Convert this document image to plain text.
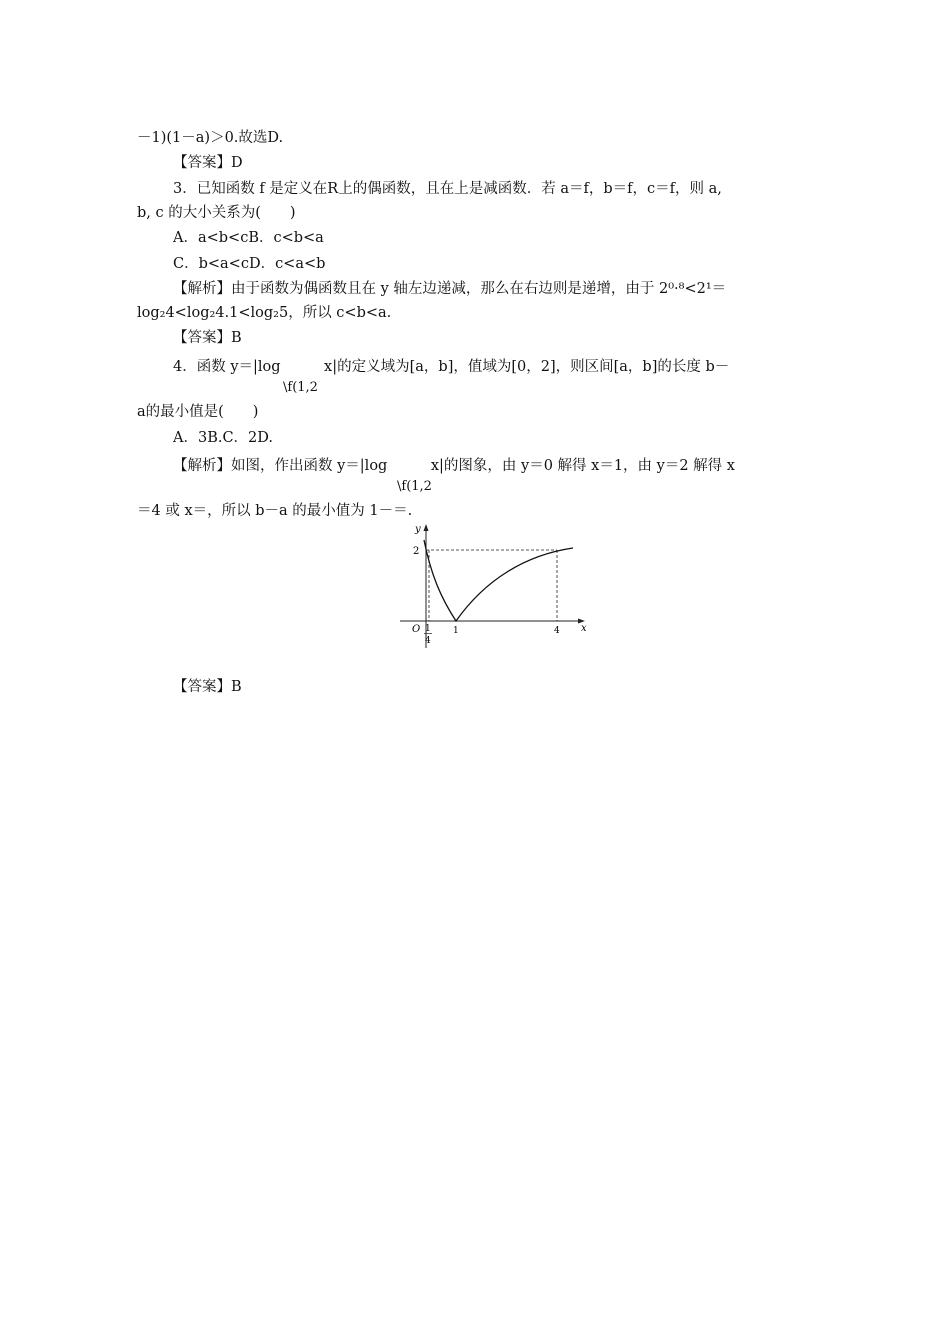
－1)(1－a)＞0.故选D.
【答案】D
3．已知函数 f 是定义在R上的偶函数，且在上是减函数．若 a＝f，b＝f，c＝f，则 a,
b, c 的大小关系为(　　)
A．a<b<cB．c<b<a
C．b<a<cD．c<a<b
【解析】由于函数为偶函数且在 y 轴左边递减，那么在右边则是递增，由于 2⁰·⁸<2¹＝
log₂4<log₂4.1<log₂5，所以 c<b<a.
【答案】B
4．函数 y＝|log　　　x|的定义域为[a，b]，值域为[0，2]，则区间[a，b]的长度 b－
\f(1,2
a的最小值是(　　)
A．3B.C．2D.
【解析】如图，作出函数 y＝|log　　　x|的图象，由 y＝0 解得 x＝1，由 y＝2 解得 x
\f(1,2
＝4 或 x＝，所以 b－a 的最小值为 1－＝.
y
x
O
2
1
4
1	4
【答案】B
